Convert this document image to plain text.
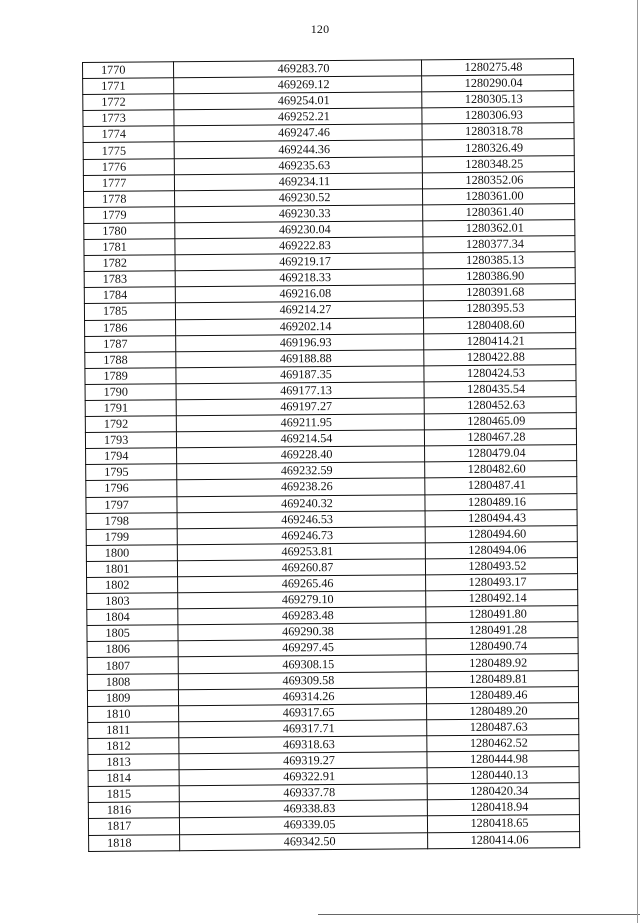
120
1770	469283.70	1280275.48
1771	469269.12	1280290.04
1772	469254.01	1280305.13
1773	469252.21	1280306.93
1774	469247.46	1280318.78
1775	469244.36	1280326.49
1776	469235.63	1280348.25
1777	469234.11	1280352.06
1778	469230.52	1280361.00
1779	469230.33	1280361.40
1780	469230.04	1280362.01
1781	469222.83	1280377.34
1782	469219.17	1280385.13
1783	469218.33	1280386.90
1784	469216.08	1280391.68
1785	469214.27	1280395.53
1786	469202.14	1280408.60
1787	469196.93	1280414.21
1788	469188.88	1280422.88
1789	469187.35	1280424.53
1790	469177.13	1280435.54
1791	469197.27	1280452.63
1792	469211.95	1280465.09
1793	469214.54	1280467.28
1794	469228.40	1280479.04
1795	469232.59	1280482.60
1796	469238.26	1280487.41
1797	469240.32	1280489.16
1798	469246.53	1280494.43
1799	469246.73	1280494.60
1800	469253.81	1280494.06
1801	469260.87	1280493.52
1802	469265.46	1280493.17
1803	469279.10	1280492.14
1804	469283.48	1280491.80
1805	469290.38	1280491.28
1806	469297.45	1280490.74
1807	469308.15	1280489.92
1808	469309.58	1280489.81
1809	469314.26	1280489.46
1810	469317.65	1280489.20
1811	469317.71	1280487.63
1812	469318.63	1280462.52
1813	469319.27	1280444.98
1814	469322.91	1280440.13
1815	469337.78	1280420.34
1816	469338.83	1280418.94
1817	469339.05	1280418.65
1818	469342.50	1280414.06
